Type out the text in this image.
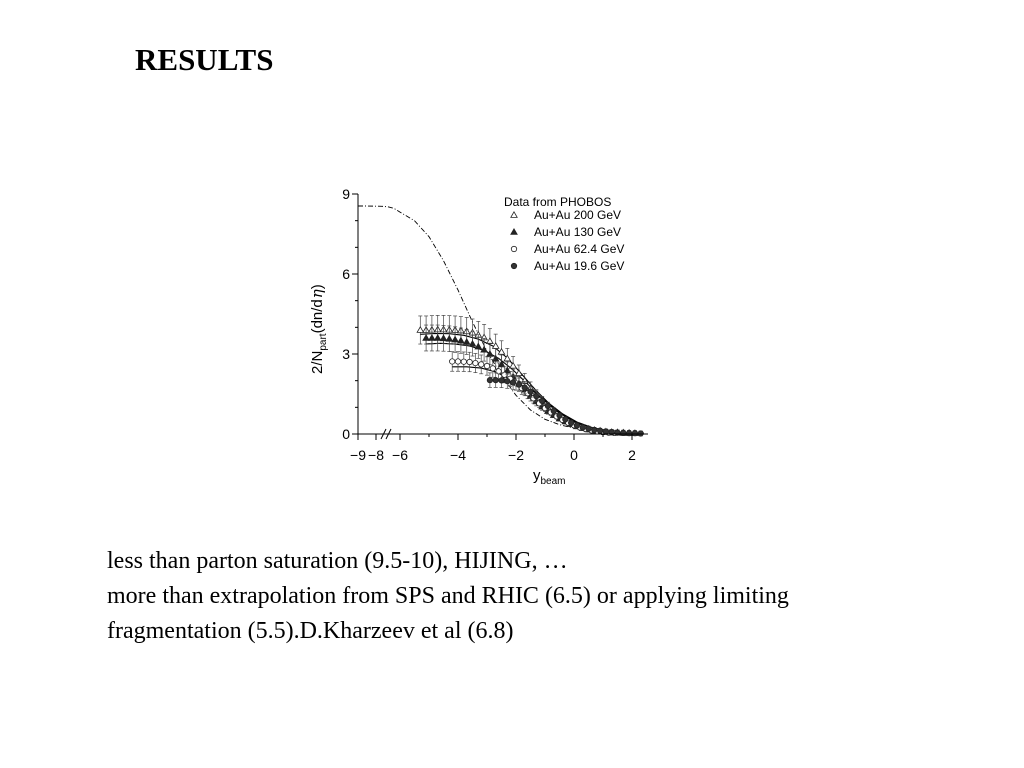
RESULTS
−9 −8 −6	−4	−2	0	2
0
3
6
9
$y_{beam}$
$2/N_{part}(dn/d\eta)$
Data from PHOBOS
Au+Au 200 GeV
Au+Au 130 GeV
Au+Au 62.4 GeV
Au+Au 19.6 GeV
less than parton saturation (9.5-10), HIJING, …
more than extrapolation from SPS and RHIC (6.5) or applying limiting
fragmentation (5.5).D.Kharzeev et al (6.8)
